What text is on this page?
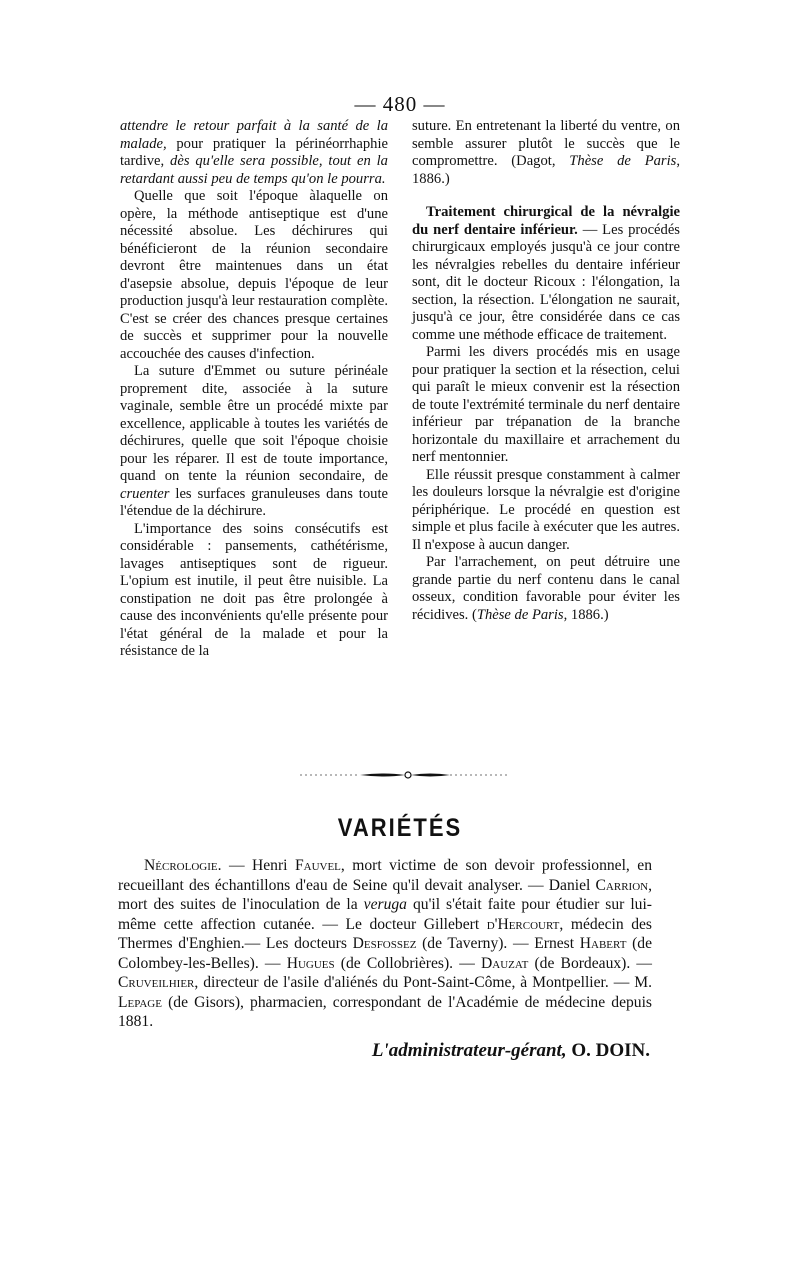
— 480 —

attendre le retour parfait à la santé de la malade, pour pratiquer la périnéorrhaphie tardive, dès qu'elle sera possible, tout en la retardant aussi peu de temps qu'on le pourra.

Quelle que soit l'époque àlaquelle on opère, la méthode antiseptique est d'une nécessité absolue. Les déchirures qui bénéficieront de la réunion secondaire devront être maintenues dans un état d'asepsie absolue, depuis l'époque de leur production jusqu'à leur restauration complète. C'est se créer des chances presque certaines de succès et supprimer pour la nouvelle accouchée des causes d'infection.

La suture d'Emmet ou suture périnéale proprement dite, associée à la suture vaginale, semble être un procédé mixte par excellence, applicable à toutes les variétés de déchirures, quelle que soit l'époque choisie pour les réparer. Il est de toute importance, quand on tente la réunion secondaire, de cruenter les surfaces granuleuses dans toute l'étendue de la déchirure.

L'importance des soins consécutifs est considérable : pansements, cathétérisme, lavages antiseptiques sont de rigueur. L'opium est inutile, il peut être nuisible. La constipation ne doit pas être prolongée à cause des inconvénients qu'elle présente pour l'état général de la malade et pour la résistance de la

suture. En entretenant la liberté du ventre, on semble assurer plutôt le succès que le compromettre. (Dagot, Thèse de Paris, 1886.)

Traitement chirurgical de la névralgie du nerf dentaire inférieur. — Les procédés chirurgicaux employés jusqu'à ce jour contre les névralgies rebelles du dentaire inférieur sont, dit le docteur Ricoux : l'élongation, la section, la résection. L'élongation ne saurait, jusqu'à ce jour, être considérée dans ce cas comme une méthode efficace de traitement.

Parmi les divers procédés mis en usage pour pratiquer la section et la résection, celui qui paraît le mieux convenir est la résection de toute l'extrémité terminale du nerf dentaire inférieur par trépanation de la branche horizontale du maxillaire et arrachement du nerf mentonnier.

Elle réussit presque constamment à calmer les douleurs lorsque la névralgie est d'origine périphérique. Le procédé en question est simple et plus facile à exécuter que les autres. Il n'expose à aucun danger.

Par l'arrachement, on peut détruire une grande partie du nerf contenu dans le canal osseux, condition favorable pour éviter les récidives. (Thèse de Paris, 1886.)

VARIÉTÉS

Nécrologie. — Henri Fauvel, mort victime de son devoir professionnel, en recueillant des échantillons d'eau de Seine qu'il devait analyser. — Daniel Carrion, mort des suites de l'inoculation de la veruga qu'il s'était faite pour étudier sur lui-même cette affection cutanée. — Le docteur Gillebert d'Hercourt, médecin des Thermes d'Enghien.— Les docteurs Desfossez (de Taverny). — Ernest Habert (de Colombey-les-Belles). — Hugues (de Collobrières). — Dauzat (de Bordeaux). — Cruveilhier, directeur de l'asile d'aliénés du Pont-Saint-Côme, à Montpellier. — M. Lepage (de Gisors), pharmacien, correspondant de l'Académie de médecine depuis 1881.

L'administrateur-gérant, O. DOIN.
